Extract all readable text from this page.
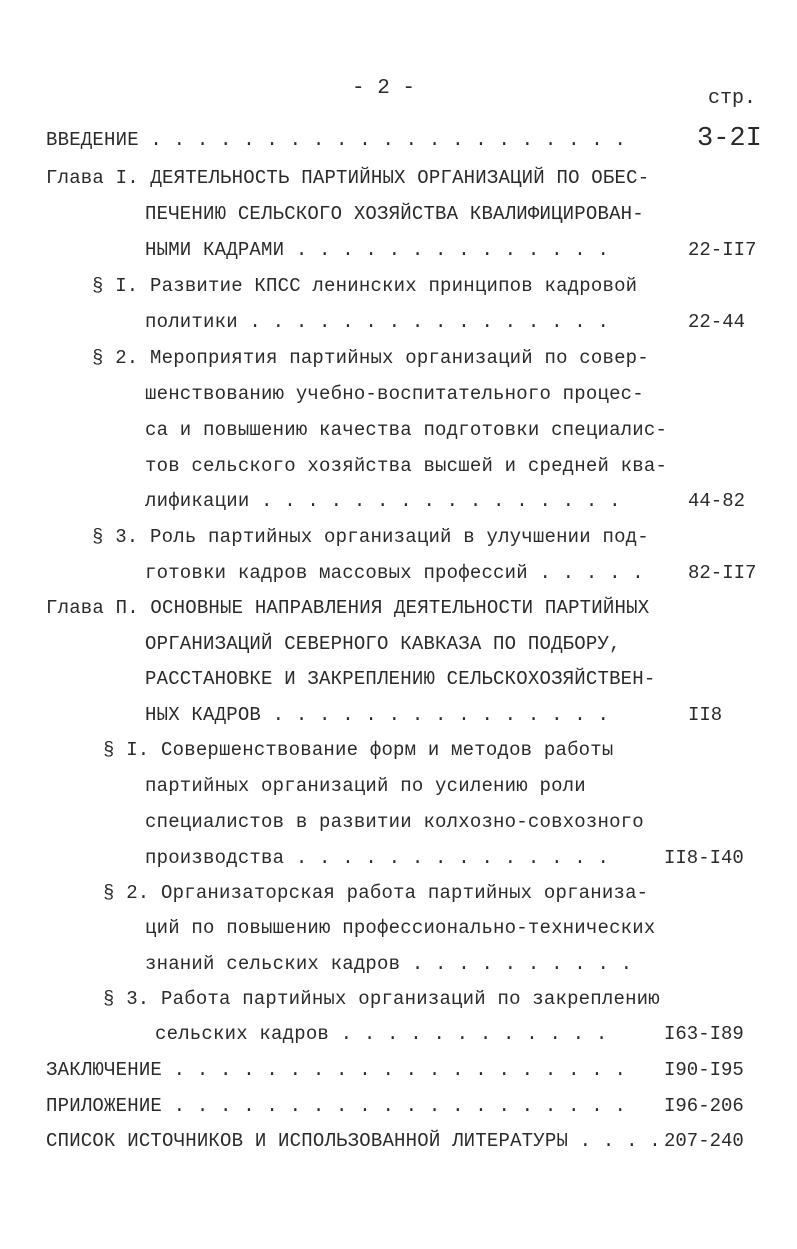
- 2 -	стр.
ВВЕДЕНИЕ . . . . . . . . . . . . . . . . . . . . .	3-2I
Глава I. ДЕЯТЕЛЬНОСТЬ ПАРТИЙНЫХ ОРГАНИЗАЦИЙ ПО ОБЕС-
ПЕЧЕНИЮ СЕЛЬСКОГО ХОЗЯЙСТВА КВАЛИФИЦИРОВАН-
НЫМИ КАДРАМИ . . . . . . . . . . . . . .	22-II7
§ I. Развитие КПСС ленинских принципов кадровой
политики . . . . . . . . . . . . . . . .	22-44
§ 2. Мероприятия партийных организаций по совер-
шенствованию учебно-воспитательного процес-
са и повышению качества подготовки специалис-
тов сельского хозяйства высшей и средней ква-
лификации . . . . . . . . . . . . . . . .	44-82
§ 3. Роль партийных организаций в улучшении под-
готовки кадров массовых профессий . . . . . 82-II7
Глава П. ОСНОВНЫЕ НАПРАВЛЕНИЯ ДЕЯТЕЛЬНОСТИ ПАРТИЙНЫХ
ОРГАНИЗАЦИЙ СЕВЕРНОГО КАВКАЗА ПО ПОДБОРУ,
РАССТАНОВКЕ И ЗАКРЕПЛЕНИЮ СЕЛЬСКОХОЗЯЙСТВЕН-
НЫХ КАДРОВ . . . . . . . . . . . . . . .	II8
§ I. Совершенствование форм и методов работы
партийных организаций по усилению роли
специалистов в развитии колхозно-совхозного
производства . . . . . . . . . . . . . .	II8-I40
§ 2. Организаторская работа партийных организа-
ций по повышению профессионально-технических
знаний сельских кадров . . . . . . . . . .
§ 3. Работа партийных организаций по закреплению
сельских кадров . . . . . . . . . . . .	I63-I89
ЗАКЛЮЧЕНИЕ . . . . . . . . . . . . . . . . . . . . I90-I95
ПРИЛОЖЕНИЕ . . . . . . . . . . . . . . . . . . . . I96-206
СПИСОК ИСТОЧНИКОВ И ИСПОЛЬЗОВАННОЙ ЛИТЕРАТУРЫ . . . . 207-240
